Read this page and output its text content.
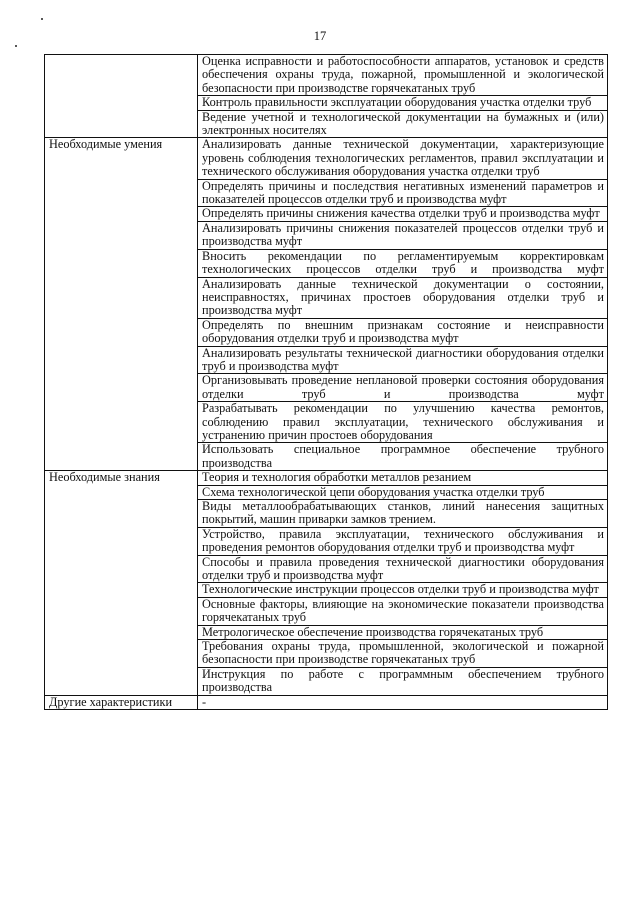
17
	Оценка исправности и работоспособности аппаратов, установок и средств обеспечения охраны труда, пожарной, промышленной и экологической безопасности при производстве горячекатаных труб
	Контроль правильности эксплуатации оборудования участка отделки труб
	Ведение учетной и технологической документации на бумажных и (или) электронных носителях
Необходимые умения	Анализировать данные технической документации, характеризующие уровень соблюдения технологических регламентов, правил эксплуатации и технического обслуживания оборудования участка отделки труб
	Определять причины и последствия негативных изменений параметров и показателей процессов отделки труб и производства муфт
	Определять причины снижения качества отделки труб и производства муфт
	Анализировать причины снижения показателей процессов отделки труб и производства муфт
	Вносить рекомендации по регламентируемым корректировкам технологических процессов отделки труб и производства муфт
	Анализировать данные технической документации о состоянии, неисправностях, причинах простоев оборудования отделки труб и производства муфт
	Определять по внешним признакам состояние и неисправности оборудования отделки труб и производства муфт
	Анализировать результаты технической диагностики оборудования отделки труб и производства муфт
	Организовывать проведение неплановой проверки состояния оборудования отделки труб и производства муфт
	Разрабатывать рекомендации по улучшению качества ремонтов, соблюдению правил эксплуатации, технического обслуживания и устранению причин простоев оборудования
	Использовать специальное программное обеспечение трубного производства
Необходимые знания	Теория и технология обработки металлов резанием
	Схема технологической цепи оборудования участка отделки труб
	Виды металлообрабатывающих станков, линий нанесения защитных покрытий, машин приварки замков трением.
	Устройство, правила эксплуатации, технического обслуживания и проведения ремонтов оборудования отделки труб и производства муфт
	Способы и правила проведения технической диагностики оборудования отделки труб и производства муфт
	Технологические инструкции процессов отделки труб и производства муфт
	Основные факторы, влияющие на экономические показатели производства горячекатаных труб
	Метрологическое обеспечение производства горячекатаных труб
	Требования охраны труда, промышленной, экологической и пожарной безопасности при производстве горячекатаных труб
	Инструкция по работе с программным обеспечением трубного производства
Другие характеристики	-
